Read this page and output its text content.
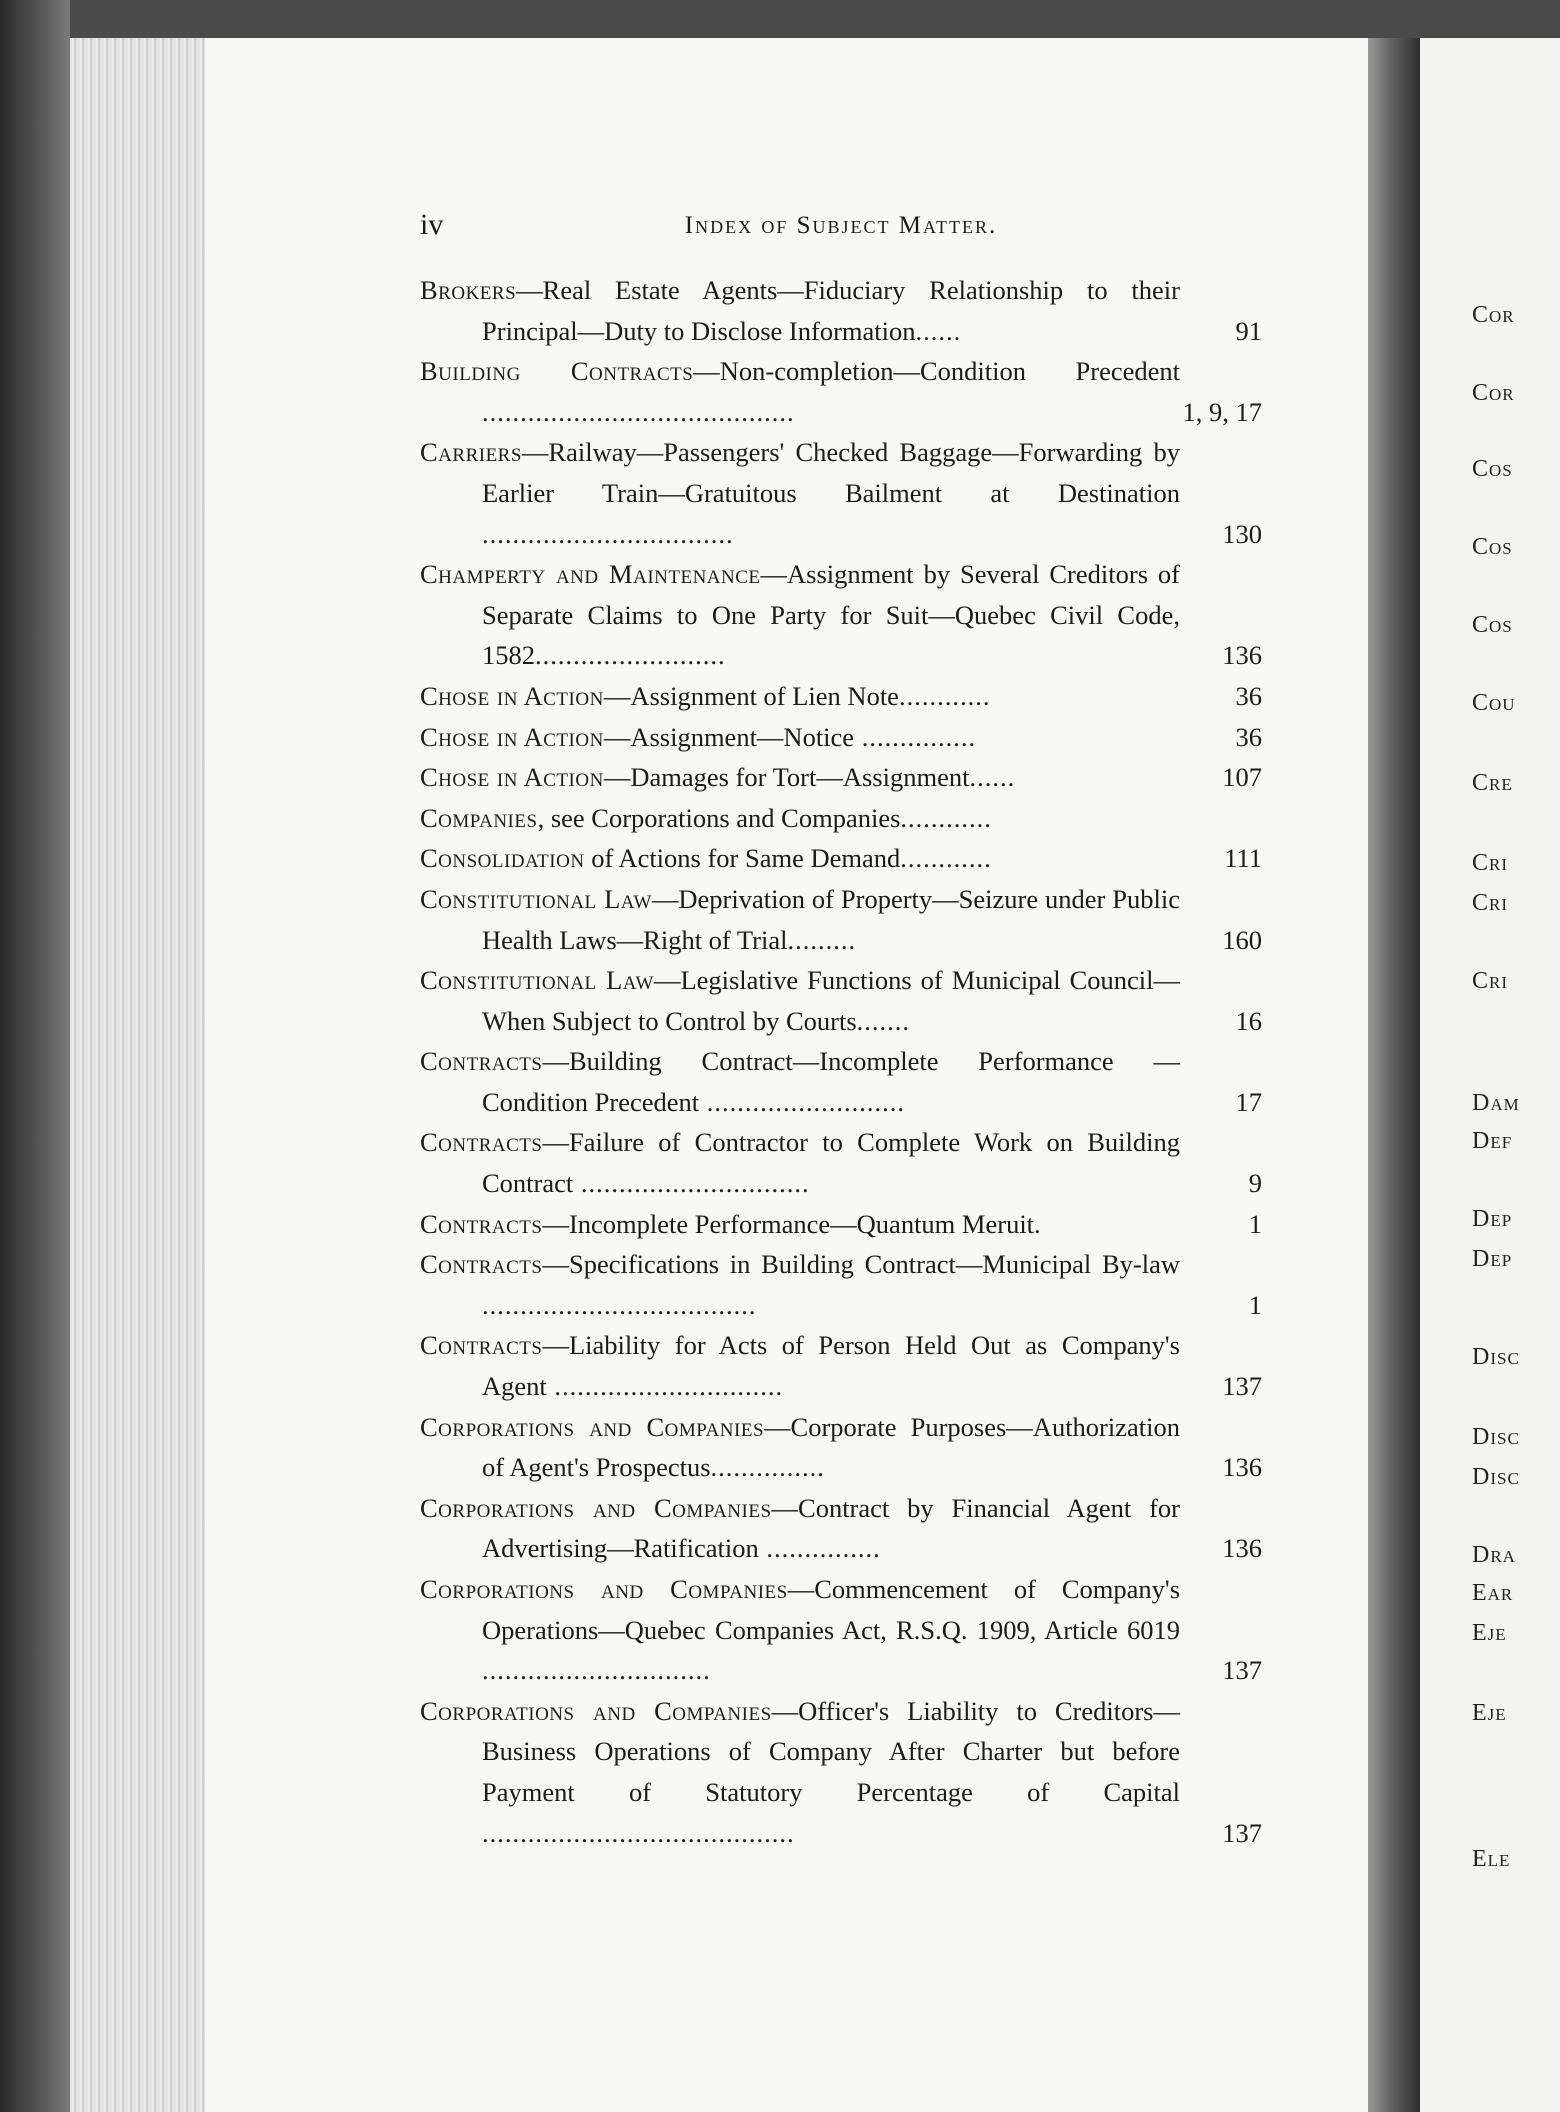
Cor
Cor
Cos
Cos
Cos
Cou
Cre
Cri
Cri
Cri
Dam
Def
Dep
Dep
Disc
Disc
Disc
Dra
Ear
Eje
Eje
Ele
iv	Index of Subject Matter.
Brokers—Real Estate Agents—Fiduciary Relationship to their Principal—Duty to Disclose Information......	91
Building Contracts—Non-completion—Condition Precedent .........................................	1, 9, 17
Carriers—Railway—Passengers' Checked Baggage—Forwarding by Earlier Train—Gratuitous Bailment at Destination .................................	130
Champerty and Maintenance—Assignment by Several Creditors of Separate Claims to One Party for Suit—Quebec Civil Code, 1582.........................	136
Chose in Action—Assignment of Lien Note............	36
Chose in Action—Assignment—Notice ...............	36
Chose in Action—Damages for Tort—Assignment......	107
Companies, see Corporations and Companies............
Consolidation of Actions for Same Demand............	111
Constitutional Law—Deprivation of Property—Seizure under Public Health Laws—Right of Trial.........	160
Constitutional Law—Legislative Functions of Municipal Council—When Subject to Control by Courts.......	16
Contracts—Building Contract—Incomplete Performance —Condition Precedent ..........................	17
Contracts—Failure of Contractor to Complete Work on Building Contract ..............................	9
Contracts—Incomplete Performance—Quantum Meruit.	1
Contracts—Specifications in Building Contract—Municipal By-law ....................................	1
Contracts—Liability for Acts of Person Held Out as Company's Agent ..............................	137
Corporations and Companies—Corporate Purposes—Authorization of Agent's Prospectus...............	136
Corporations and Companies—Contract by Financial Agent for Advertising—Ratification ...............	136
Corporations and Companies—Commencement of Company's Operations—Quebec Companies Act, R.S.Q. 1909, Article 6019 ..............................	137
Corporations and Companies—Officer's Liability to Creditors—Business Operations of Company After Charter but before Payment of Statutory Percentage of Capital .........................................	137
